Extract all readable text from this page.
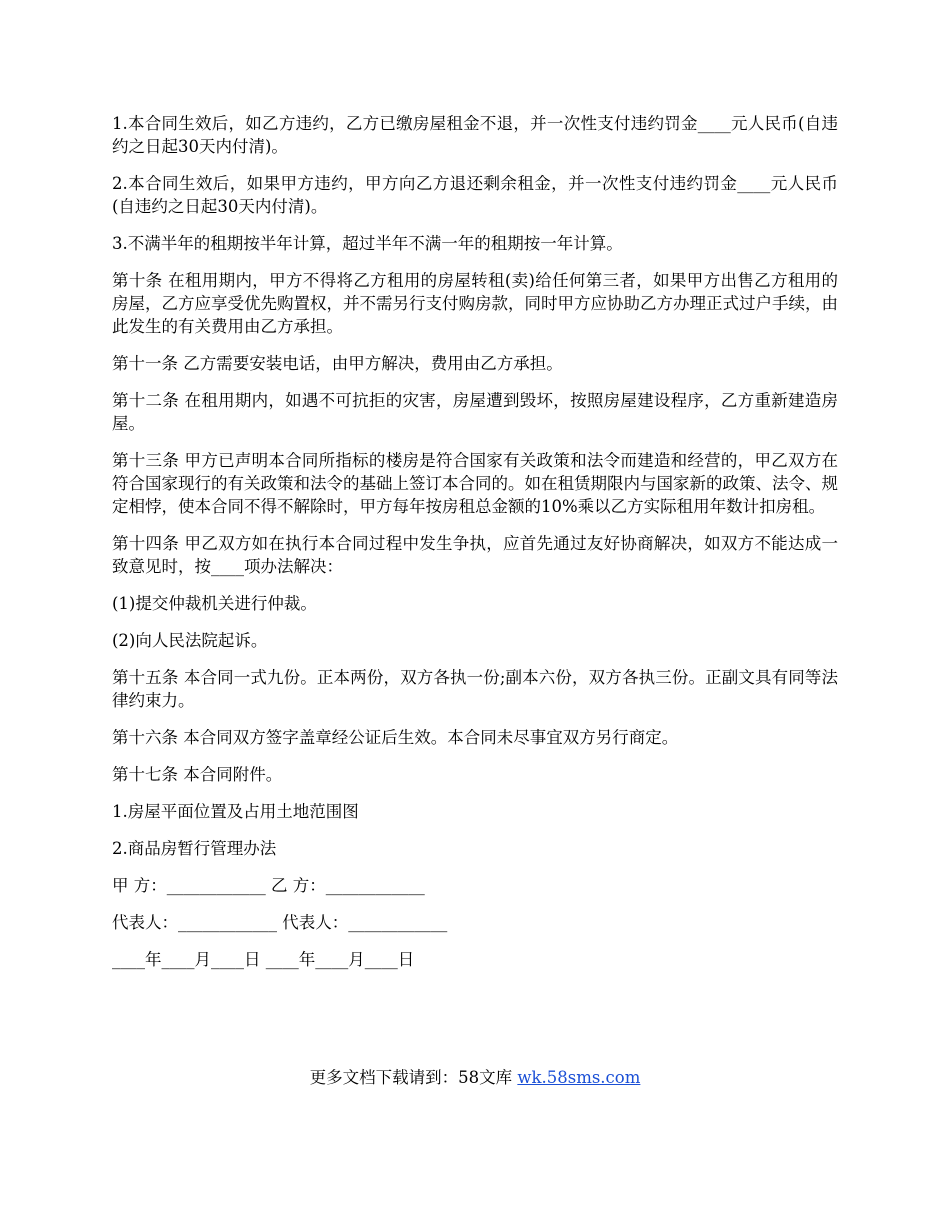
1.本合同生效后，如乙方违约，乙方已缴房屋租金不退，并一次性支付违约罚金____元人民币(自违约之日起30天内付清)。

2.本合同生效后，如果甲方违约，甲方向乙方退还剩余租金，并一次性支付违约罚金____元人民币(自违约之日起30天内付清)。

3.不满半年的租期按半年计算，超过半年不满一年的租期按一年计算。

第十条 在租用期内，甲方不得将乙方租用的房屋转租(卖)给任何第三者，如果甲方出售乙方租用的房屋，乙方应享受优先购置权，并不需另行支付购房款，同时甲方应协助乙方办理正式过户手续，由此发生的有关费用由乙方承担。

第十一条 乙方需要安装电话，由甲方解决，费用由乙方承担。

第十二条 在租用期内，如遇不可抗拒的灾害，房屋遭到毁坏，按照房屋建设程序，乙方重新建造房屋。

第十三条 甲方已声明本合同所指标的楼房是符合国家有关政策和法令而建造和经营的，甲乙双方在符合国家现行的有关政策和法令的基础上签订本合同的。如在租赁期限内与国家新的政策、法令、规定相悖，使本合同不得不解除时，甲方每年按房租总金额的10%乘以乙方实际租用年数计扣房租。

第十四条 甲乙双方如在执行本合同过程中发生争执，应首先通过友好协商解决，如双方不能达成一致意见时，按____项办法解决：

(1)提交仲裁机关进行仲裁。

(2)向人民法院起诉。

第十五条 本合同一式九份。正本两份，双方各执一份;副本六份，双方各执三份。正副文具有同等法律约束力。

第十六条 本合同双方签字盖章经公证后生效。本合同未尽事宜双方另行商定。

第十七条 本合同附件。

1.房屋平面位置及占用土地范围图

2.商品房暂行管理办法

甲 方：____________ 乙 方：____________

代表人：____________ 代表人：____________

____年____月____日 ____年____月____日

更多文档下载请到：58文库 wk.58sms.com
